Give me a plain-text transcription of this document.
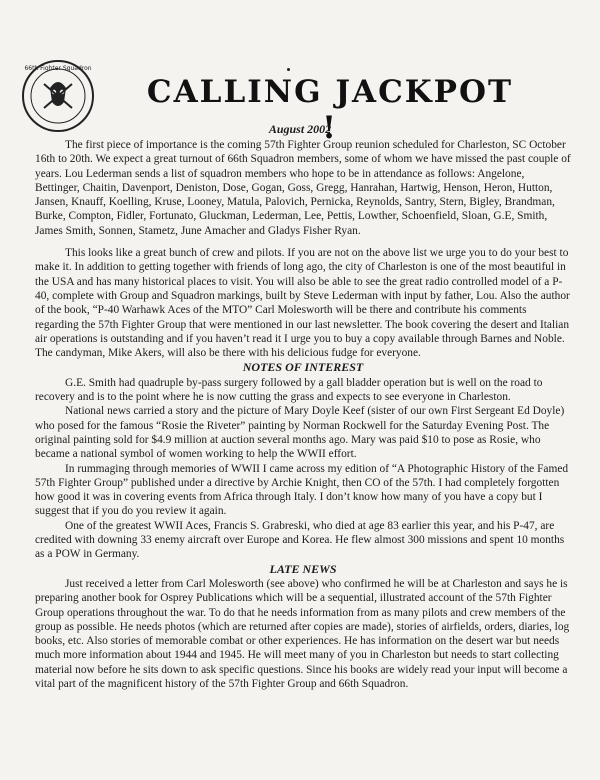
66th Fighter Squadron
CALLING JACKPOT !
August 2002

The first piece of importance is the coming 57th Fighter Group reunion scheduled for Charleston, SC October 16th to 20th. We expect a great turnout of 66th Squadron members, some of whom we have missed the past couple of years. Lou Lederman sends a list of squadron members who hope to be in attendance as follows: Angelone, Bettinger, Chaitin, Davenport, Deniston, Dose, Gogan, Goss, Gregg, Hanrahan, Hartwig, Henson, Heron, Hutton, Jansen, Knauff, Koelling, Kruse, Looney, Matula, Palovich, Pernicka, Reynolds, Santry, Stern, Bigley, Brandman, Burke, Compton, Fidler, Fortunato, Gluckman, Lederman, Lee, Pettis, Lowther, Schoenfield, Sloan, G.E, Smith, James Smith, Sonnen, Stametz, June Amacher and Gladys Fisher Ryan.

This looks like a great bunch of crew and pilots. If you are not on the above list we urge you to do your best to make it. In addition to getting together with friends of long ago, the city of Charleston is one of the most beautiful in the USA and has many historical places to visit. You will also be able to see the great radio controlled model of a P-40, complete with Group and Squadron markings, built by Steve Lederman with input by father, Lou. Also the author of the book, “P-40 Warhawk Aces of the MTO” Carl Molesworth will be there and contribute his comments regarding the 57th Fighter Group that were mentioned in our last newsletter. The book covering the desert and Italian air operations is outstanding and if you haven’t read it I urge you to buy a copy available through Barnes and Noble. The candyman, Mike Akers, will also be there with his delicious fudge for everyone.

NOTES OF INTEREST

G.E. Smith had quadruple by-pass surgery followed by a gall bladder operation but is well on the road to recovery and is to the point where he is now cutting the grass and expects to see everyone in Charleston.

National news carried a story and the picture of Mary Doyle Keef (sister of our own First Sergeant Ed Doyle) who posed for the famous “Rosie the Riveter” painting by Norman Rockwell for the Saturday Evening Post. The original painting sold for $4.9 million at auction several months ago. Mary was paid $10 to pose as Rosie, who became a national symbol of women working to help the WWII effort.

In rummaging through memories of WWII I came across my edition of “A Photographic History of the Famed 57th Fighter Group” published under a directive by Archie Knight, then CO of the 57th. I had completely forgotten how good it was in covering events from Africa through Italy. I don’t know how many of you have a copy but I suggest that if you do you review it again.

One of the greatest WWII Aces, Francis S. Grabreski, who died at age 83 earlier this year, and his P-47, are credited with downing 33 enemy aircraft over Europe and Korea. He flew almost 300 missions and spent 10 months as a POW in Germany.

LATE NEWS

Just received a letter from Carl Molesworth (see above) who confirmed he will be at Charleston and says he is preparing another book for Osprey Publications which will be a sequential, illustrated account of the 57th Fighter Group operations throughout the war. To do that he needs information from as many pilots and crew members of the group as possible. He needs photos (which are returned after copies are made), stories of airfields, orders, diaries, log books, etc. Also stories of memorable combat or other experiences. He has information on the desert war but needs much more information about 1944 and 1945. He will meet many of you in Charleston but needs to start collecting material now before he sits down to ask specific questions. Since his books are widely read your input will become a vital part of the magnificent history of the 57th Fighter Group and 66th Squadron.
